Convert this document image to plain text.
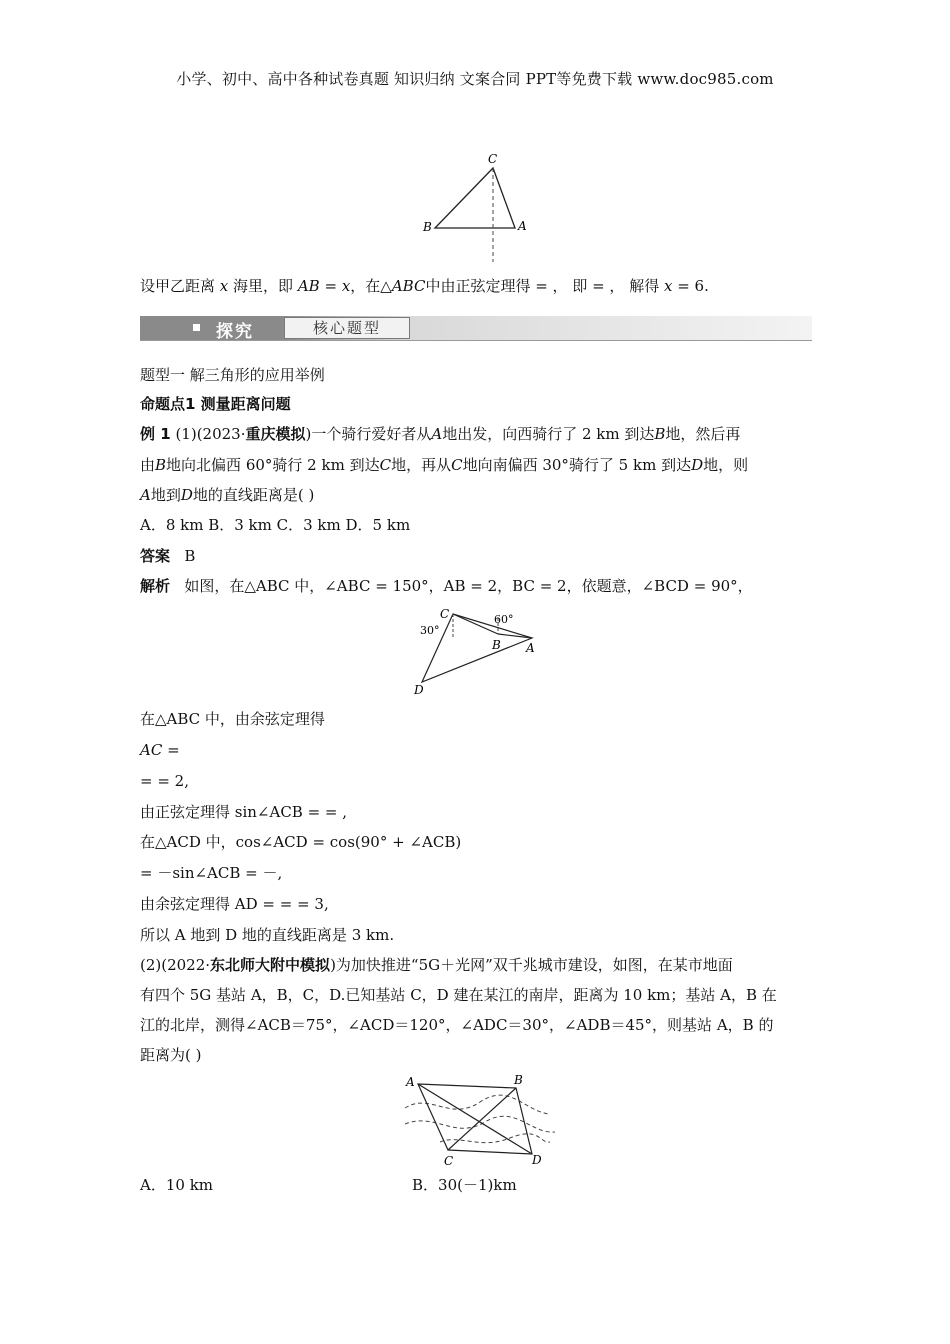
小学、初中、高中各种试卷真题 知识归纳 文案合同 PPT等免费下载 www.doc985.com
C
B	A
设甲乙距离 x 海里，即 AB = x，在△ABC中由正弦定理得 = ， 即 = ， 解得 x = 6.
探究	核心题型
题型一 解三角形的应用举例
命题点1 测量距离问题
例 1 (1)(2023·重庆模拟)一个骑行爱好者从A地出发，向西骑行了 2 km 到达B地，然后再
由B地向北偏西 60°骑行 2 km 到达C地，再从C地向南偏西 30°骑行了 5 km 到达D地，则
A地到D地的直线距离是( )
A．8 km B．3 km C．3 km D．5 km
答案 B
解析 如图，在△ABC 中，∠ABC = 150°，AB = 2，BC = 2，依题意，∠BCD = 90°，
C
B A
D
30°
60°
在△ABC 中，由余弦定理得
AC =
= = 2,
由正弦定理得 sin∠ACB = = ,
在△ACD 中，cos∠ACD = cos(90° + ∠ACB)
= －sin∠ACB = －,
由余弦定理得 AD = = = 3,
所以 A 地到 D 地的直线距离是 3 km.
(2)(2022·东北师大附中模拟)为加快推进“5G＋光网”双千兆城市建设，如图，在某市地面
有四个 5G 基站 A，B，C，D.已知基站 C，D 建在某江的南岸，距离为 10 km；基站 A，B 在
江的北岸，测得∠ACB＝75°，∠ACD＝120°，∠ADC＝30°，∠ADB＝45°，则基站 A，B 的
距离为( )
A	B
C	D
A．10 km	B．30(－1)km
